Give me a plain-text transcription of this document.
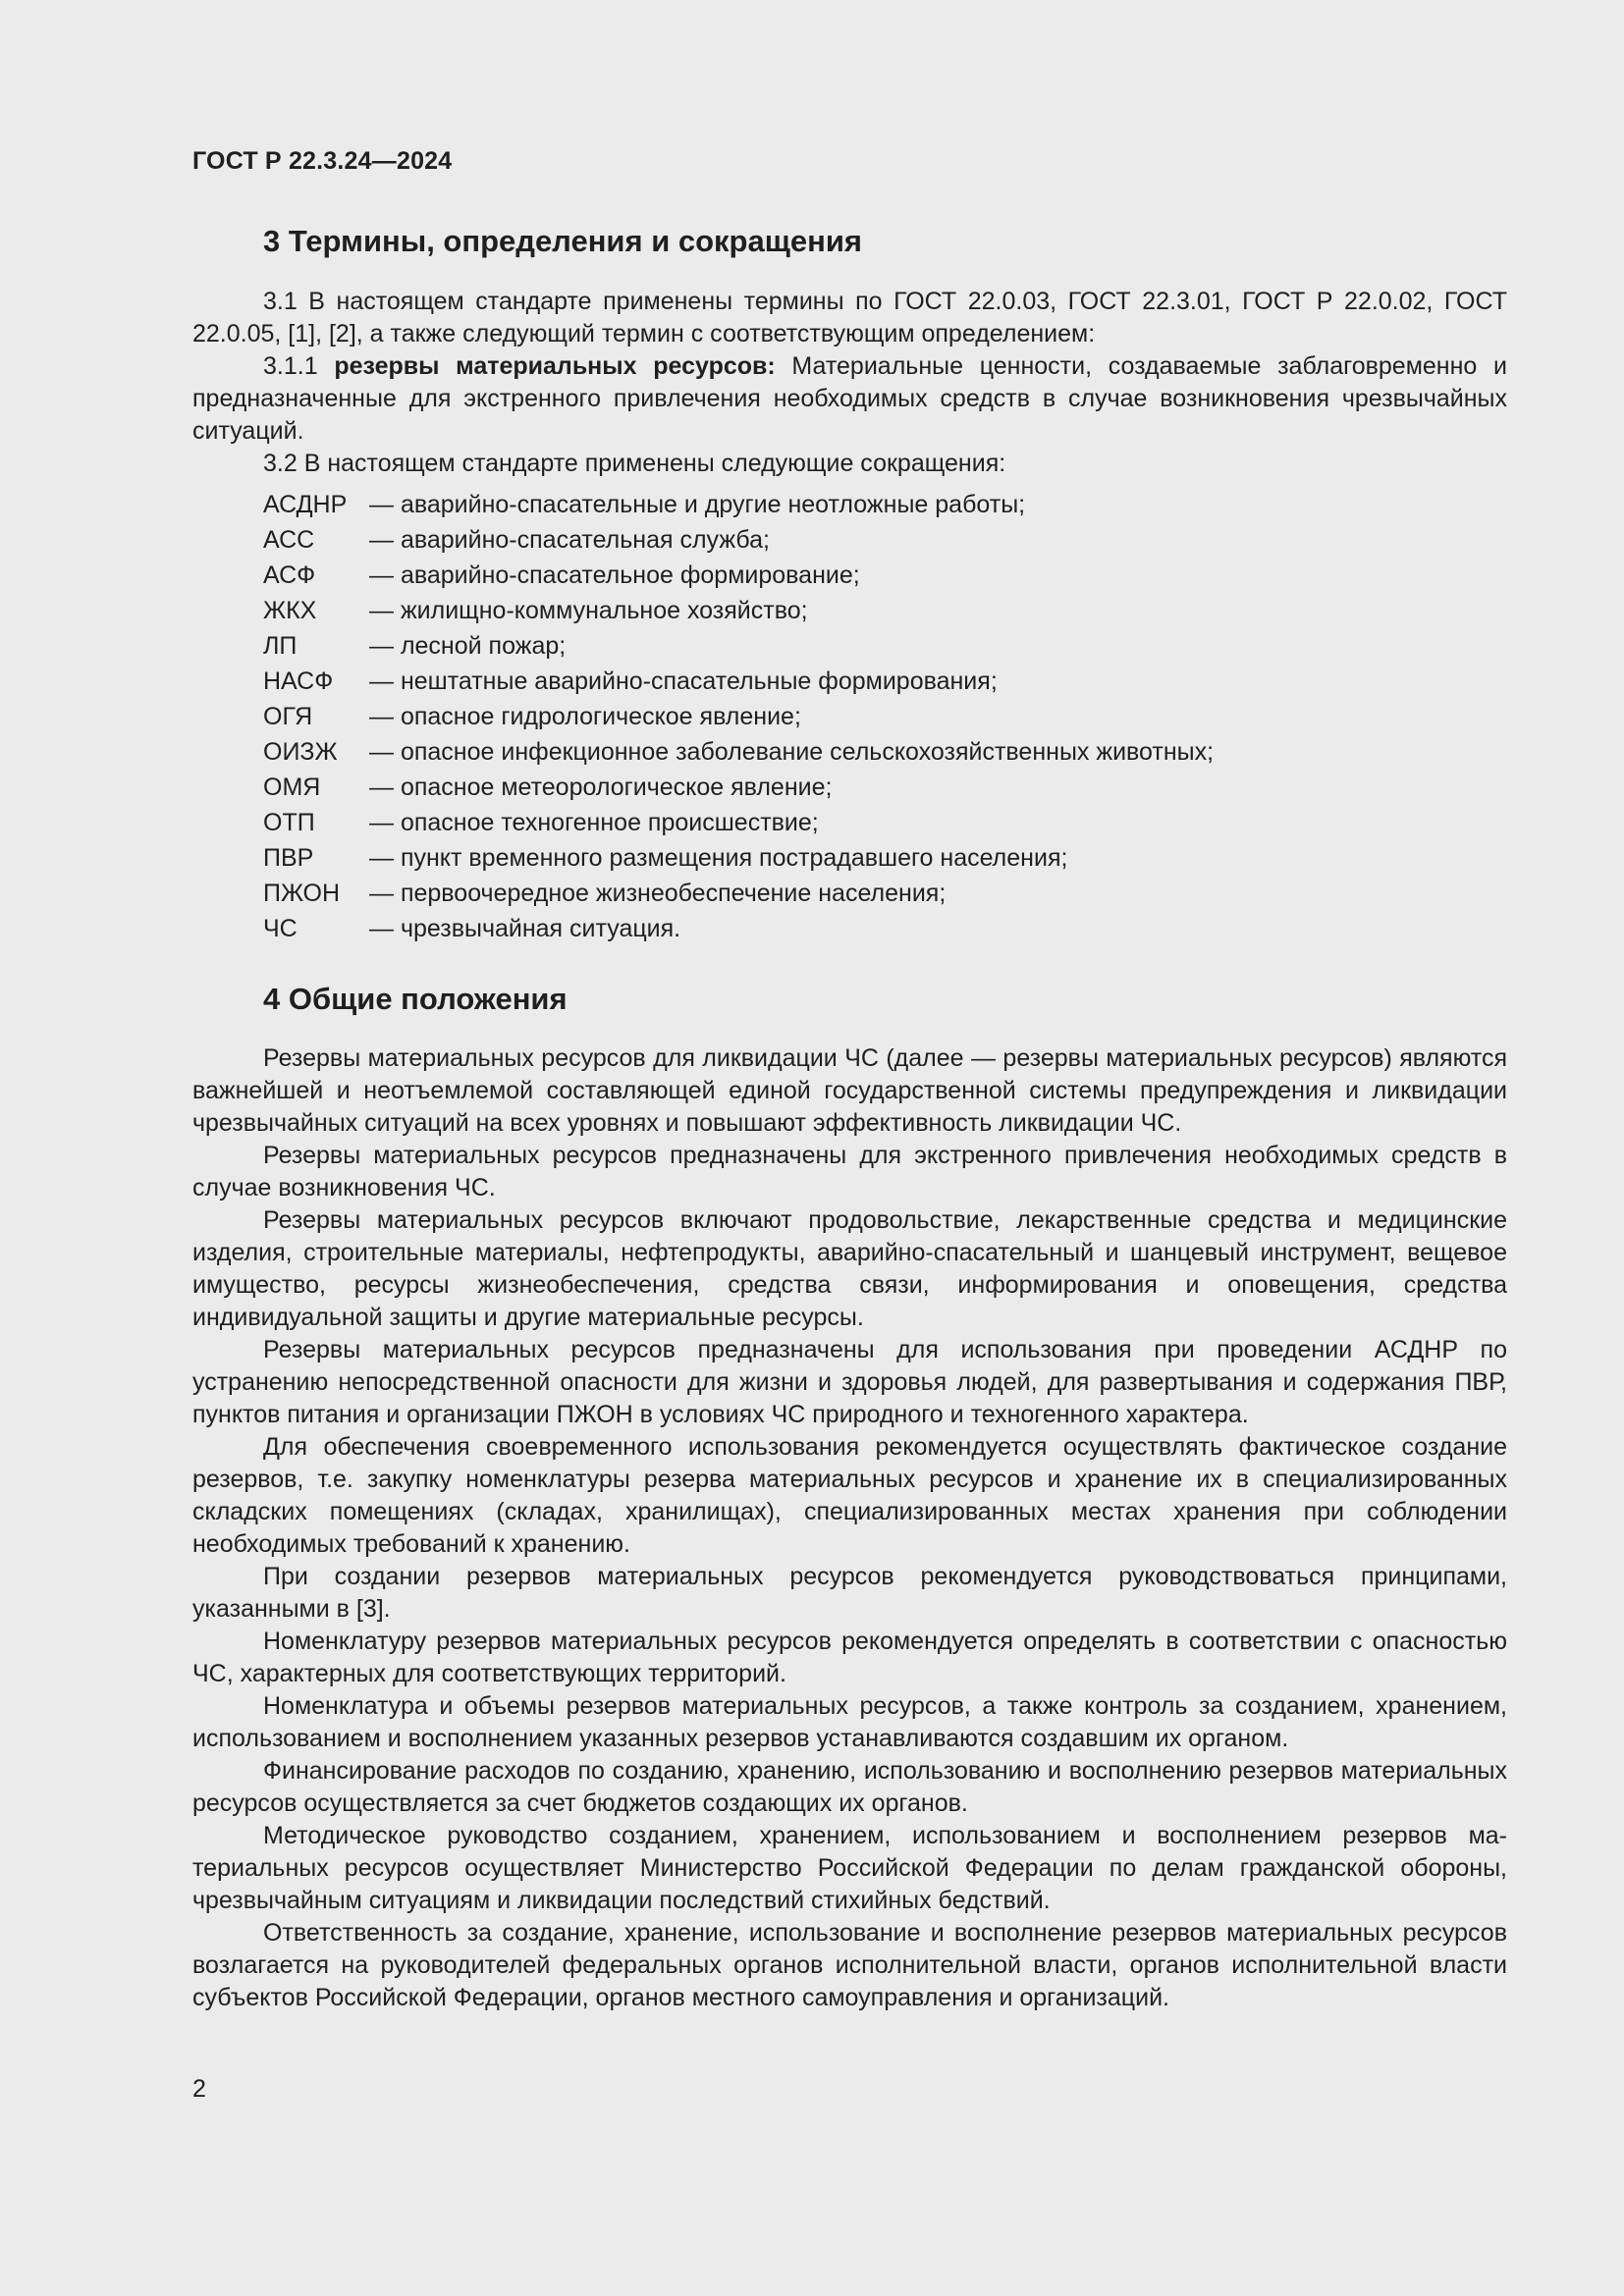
ГОСТ Р 22.3.24—2024
3 Термины, определения и сокращения

3.1 В настоящем стандарте применены термины по ГОСТ 22.0.03, ГОСТ 22.3.01, ГОСТ Р 22.0.02, ГОСТ 22.0.05, [1], [2], а также следующий термин с соответствующим определением:

3.1.1 резервы материальных ресурсов: Материальные ценности, создаваемые заблаговременно и предназначенные для экстренного привлечения необходимых средств в случае возникновения чрезвычайных ситуаций.

3.2 В настоящем стандарте применены следующие сокращения:

АСДНР — аварийно-спасательные и другие неотложные работы;
АСС	— аварийно-спасательная служба;
АСФ	— аварийно-спасательное формирование;
ЖКХ	— жилищно-коммунальное хозяйство;
ЛП	— лесной пожар;
НАСФ	— нештатные аварийно-спасательные формирования;
ОГЯ	— опасное гидрологическое явление;
ОИЗЖ	— опасное инфекционное заболевание сельскохозяйственных животных;
ОМЯ	— опасное метеорологическое явление;
ОТП	— опасное техногенное происшествие;
ПВР	— пункт временного размещения пострадавшего населения;
ПЖОН	— первоочередное жизнеобеспечение населения;
ЧС	— чрезвычайная ситуация.
4 Общие положения

Резервы материальных ресурсов для ликвидации ЧС (далее — резервы материальных ресурсов) являются важнейшей и неотъемлемой составляющей единой государственной системы предупреждения и ликвидации чрезвычайных ситуаций на всех уровнях и повышают эффективность ликвидации ЧС.

Резервы материальных ресурсов предназначены для экстренного привлечения необходимых средств в случае возникновения ЧС.

Резервы материальных ресурсов включают продовольствие, лекарственные средства и медицинские изделия, строительные материалы, нефтепродукты, аварийно-спасательный и шанцевый инструмент, вещевое имущество, ресурсы жизнеобеспечения, средства связи, информирования и оповещения, средства индивидуальной защиты и другие материальные ресурсы.

Резервы материальных ресурсов предназначены для использования при проведении АСДНР по устранению непосредственной опасности для жизни и здоровья людей, для развертывания и содержания ПВР, пунктов питания и организации ПЖОН в условиях ЧС природного и техногенного характера.

Для обеспечения своевременного использования рекомендуется осуществлять фактическое создание резервов, т.е. закупку номенклатуры резерва материальных ресурсов и хранение их в специализированных складских помещениях (складах, хранилищах), специализированных местах хранения при соблюдении необходимых требований к хранению.

При создании резервов материальных ресурсов рекомендуется руководствоваться принципами, указанными в [3].

Номенклатуру резервов материальных ресурсов рекомендуется определять в соответствии с опасностью ЧС, характерных для соответствующих территорий.

Номенклатура и объемы резервов материальных ресурсов, а также контроль за созданием, хранением, использованием и восполнением указанных резервов устанавливаются создавшим их органом.

Финансирование расходов по созданию, хранению, использованию и восполнению резервов материальных ресурсов осуществляется за счет бюджетов создающих их органов.

Методическое руководство созданием, хранением, использованием и восполнением резервов материальных ресурсов осуществляет Министерство Российской Федерации по делам гражданской обороны, чрезвычайным ситуациям и ликвидации последствий стихийных бедствий.

Ответственность за создание, хранение, использование и восполнение резервов материальных ресурсов возлагается на руководителей федеральных органов исполнительной власти, органов исполнительной власти субъектов Российской Федерации, органов местного самоуправления и организаций.

2
